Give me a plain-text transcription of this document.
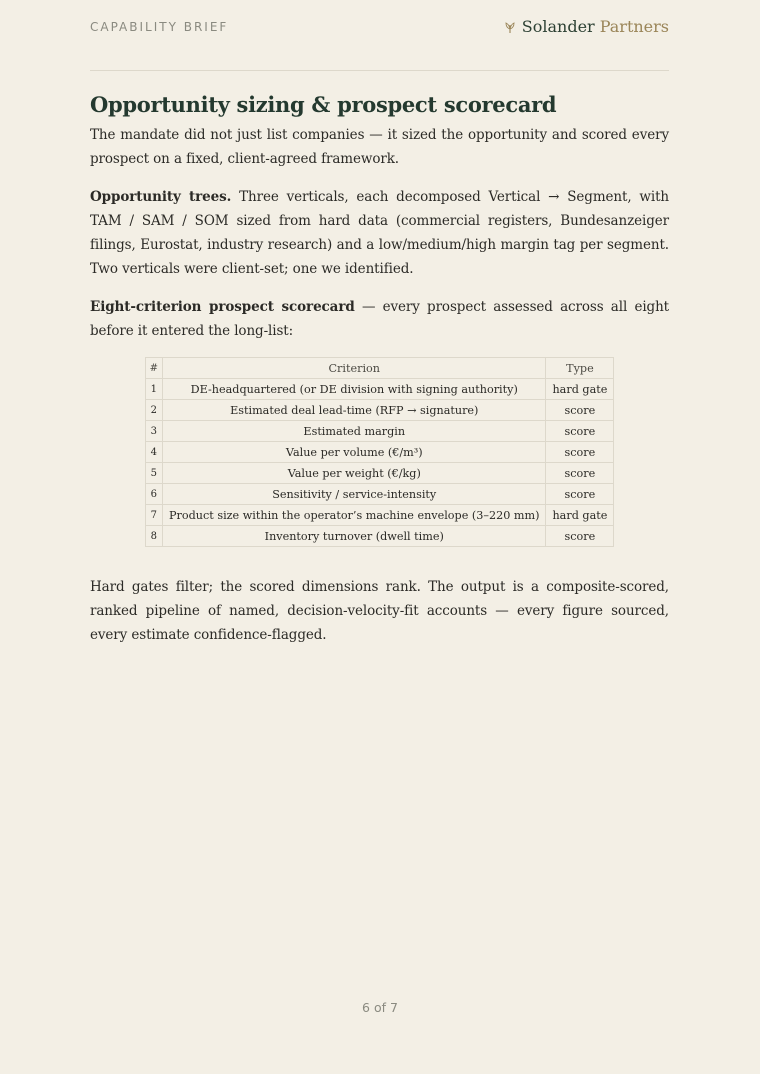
CAPABILITY BRIEF	Solander Partners
Opportunity sizing & prospect scorecard

The mandate did not just list companies — it sized the opportunity and scored every prospect on a fixed, client-agreed framework.

Opportunity trees. Three verticals, each decomposed Vertical → Segment, with TAM / SAM / SOM sized from hard data (commercial registers, Bundesanzeiger filings, Eurostat, industry research) and a low/medium/high margin tag per segment. Two verticals were client-set; one we identified.

Eight-criterion prospect scorecard — every prospect assessed across all eight before it entered the long-list:

#	Criterion	Type
1	DE-headquartered (or DE division with signing authority)	hard gate
2	Estimated deal lead-time (RFP → signature)	score
3	Estimated margin	score
4	Value per volume (€/m³)	score
5	Value per weight (€/kg)	score
6	Sensitivity / service-intensity	score
7	Product size within the operator’s machine envelope (3–220 mm)	hard gate
8	Inventory turnover (dwell time)	score

Hard gates filter; the scored dimensions rank. The output is a composite-scored, ranked pipeline of named, decision-velocity-fit accounts — every figure sourced, every estimate confidence-flagged.

6 of 7
